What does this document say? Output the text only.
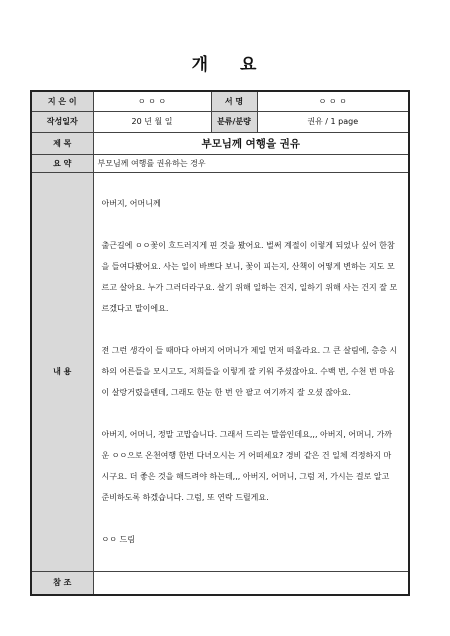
개 요
지 은 이	ㅇ ㅇ ㅇ	서 명	ㅇ ㅇ ㅇ
작성일자	20 년 월 일	분류/분량	권유 / 1 page
제 목	부모님께 여행을 권유		
요 약	부모님께 여행를 권유하는 경우		
내 용	아버지, 어머니께

출근길에 ㅇㅇ꽃이 흐드러지게 핀 것을 봤어요. 벌써 계절이 이렇게 되었나 싶어 한참을 들여다봤어요. 사는 일이 바쁘다 보니, 꽃이 피는지, 산책이 어떻게 변하는 지도 모르고 살아요. 누가 그러더라구요. 살기 위해 일하는 건지, 일하기 위해 사는 건지 잘 모르겠다고 말이에요.

전 그런 생각이 들 때마다 아버지 어머니가 제일 먼저 떠올라요. 그 큰 살림에, 층층 시하의 어른들을 모시고도, 저희들을 이렇게 잘 키워 주셨잖아요. 수백 번, 수천 번 마음이 살랑거렸을텐데, 그래도 한눈 한 번 안 팔고 여기까지 잘 오셨 잖아요.

아버지, 어머니, 정말 고맙습니다. 그래서 드리는 말씀인데요,,, 아버지, 어머니, 가까운 ㅇㅇ으로 온천여행 한번 다녀오시는 거 어떠세요? 경비 같은 건 일체 걱정하지 마시구요. 더 좋은 것을 해드려야 하는데,,, 아버지, 어머니, 그럼 저, 가시는 걸로 알고 준비하도록 하겠습니다. 그럼, 또 연락 드릴게요.

ㅇㅇ 드림		

참 조			
